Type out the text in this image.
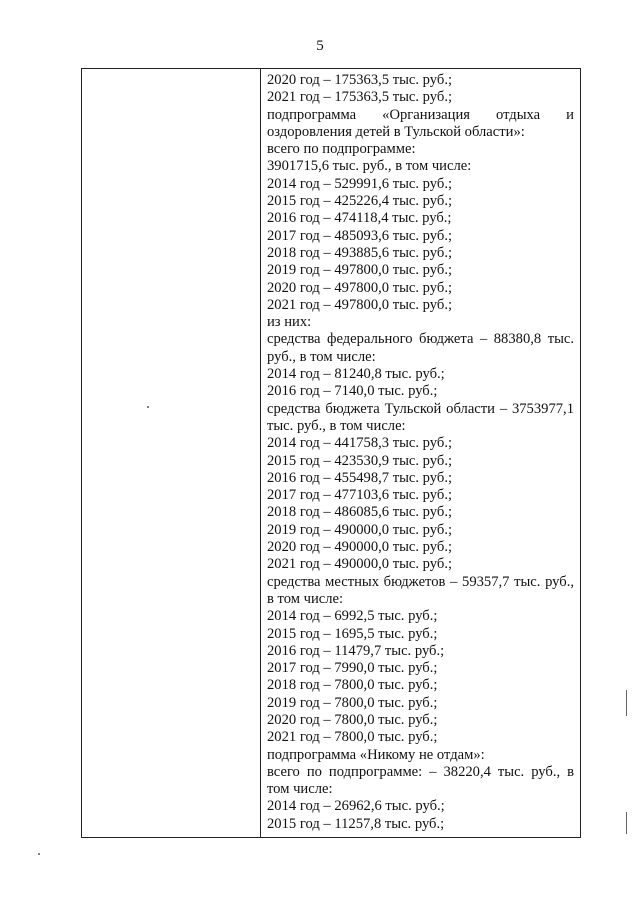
5
2020 год – 175363,5 тыс. руб.;
2021 год – 175363,5 тыс. руб.;
подпрограмма «Организация отдыха и
оздоровления детей в Тульской области»:
всего по подпрограмме:
3901715,6 тыс. руб., в том числе:
2014 год – 529991,6 тыс. руб.;
2015 год – 425226,4 тыс. руб.;
2016 год – 474118,4 тыс. руб.;
2017 год – 485093,6 тыс. руб.;
2018 год – 493885,6 тыс. руб.;
2019 год – 497800,0 тыс. руб.;
2020 год – 497800,0 тыс. руб.;
2021 год – 497800,0 тыс. руб.;
из них:
средства федерального бюджета – 88380,8 тыс.
руб., в том числе:
2014 год – 81240,8 тыс. руб.;
2016 год – 7140,0 тыс. руб.;
средства бюджета Тульской области – 3753977,1
тыс. руб., в том числе:
2014 год – 441758,3 тыс. руб.;
2015 год – 423530,9 тыс. руб.;
2016 год – 455498,7 тыс. руб.;
2017 год – 477103,6 тыс. руб.;
2018 год – 486085,6 тыс. руб.;
2019 год – 490000,0 тыс. руб.;
2020 год – 490000,0 тыс. руб.;
2021 год – 490000,0 тыс. руб.;
средства местных бюджетов – 59357,7 тыс. руб.,
в том числе:
2014 год – 6992,5 тыс. руб.;
2015 год – 1695,5 тыс. руб.;
2016 год – 11479,7 тыс. руб.;
2017 год – 7990,0 тыс. руб.;
2018 год – 7800,0 тыс. руб.;
2019 год – 7800,0 тыс. руб.;
2020 год – 7800,0 тыс. руб.;
2021 год – 7800,0 тыс. руб.;
подпрограмма «Никому не отдам»:
всего по подпрограмме: – 38220,4 тыс. руб., в
том числе:
2014 год – 26962,6 тыс. руб.;
2015 год – 11257,8 тыс. руб.;
